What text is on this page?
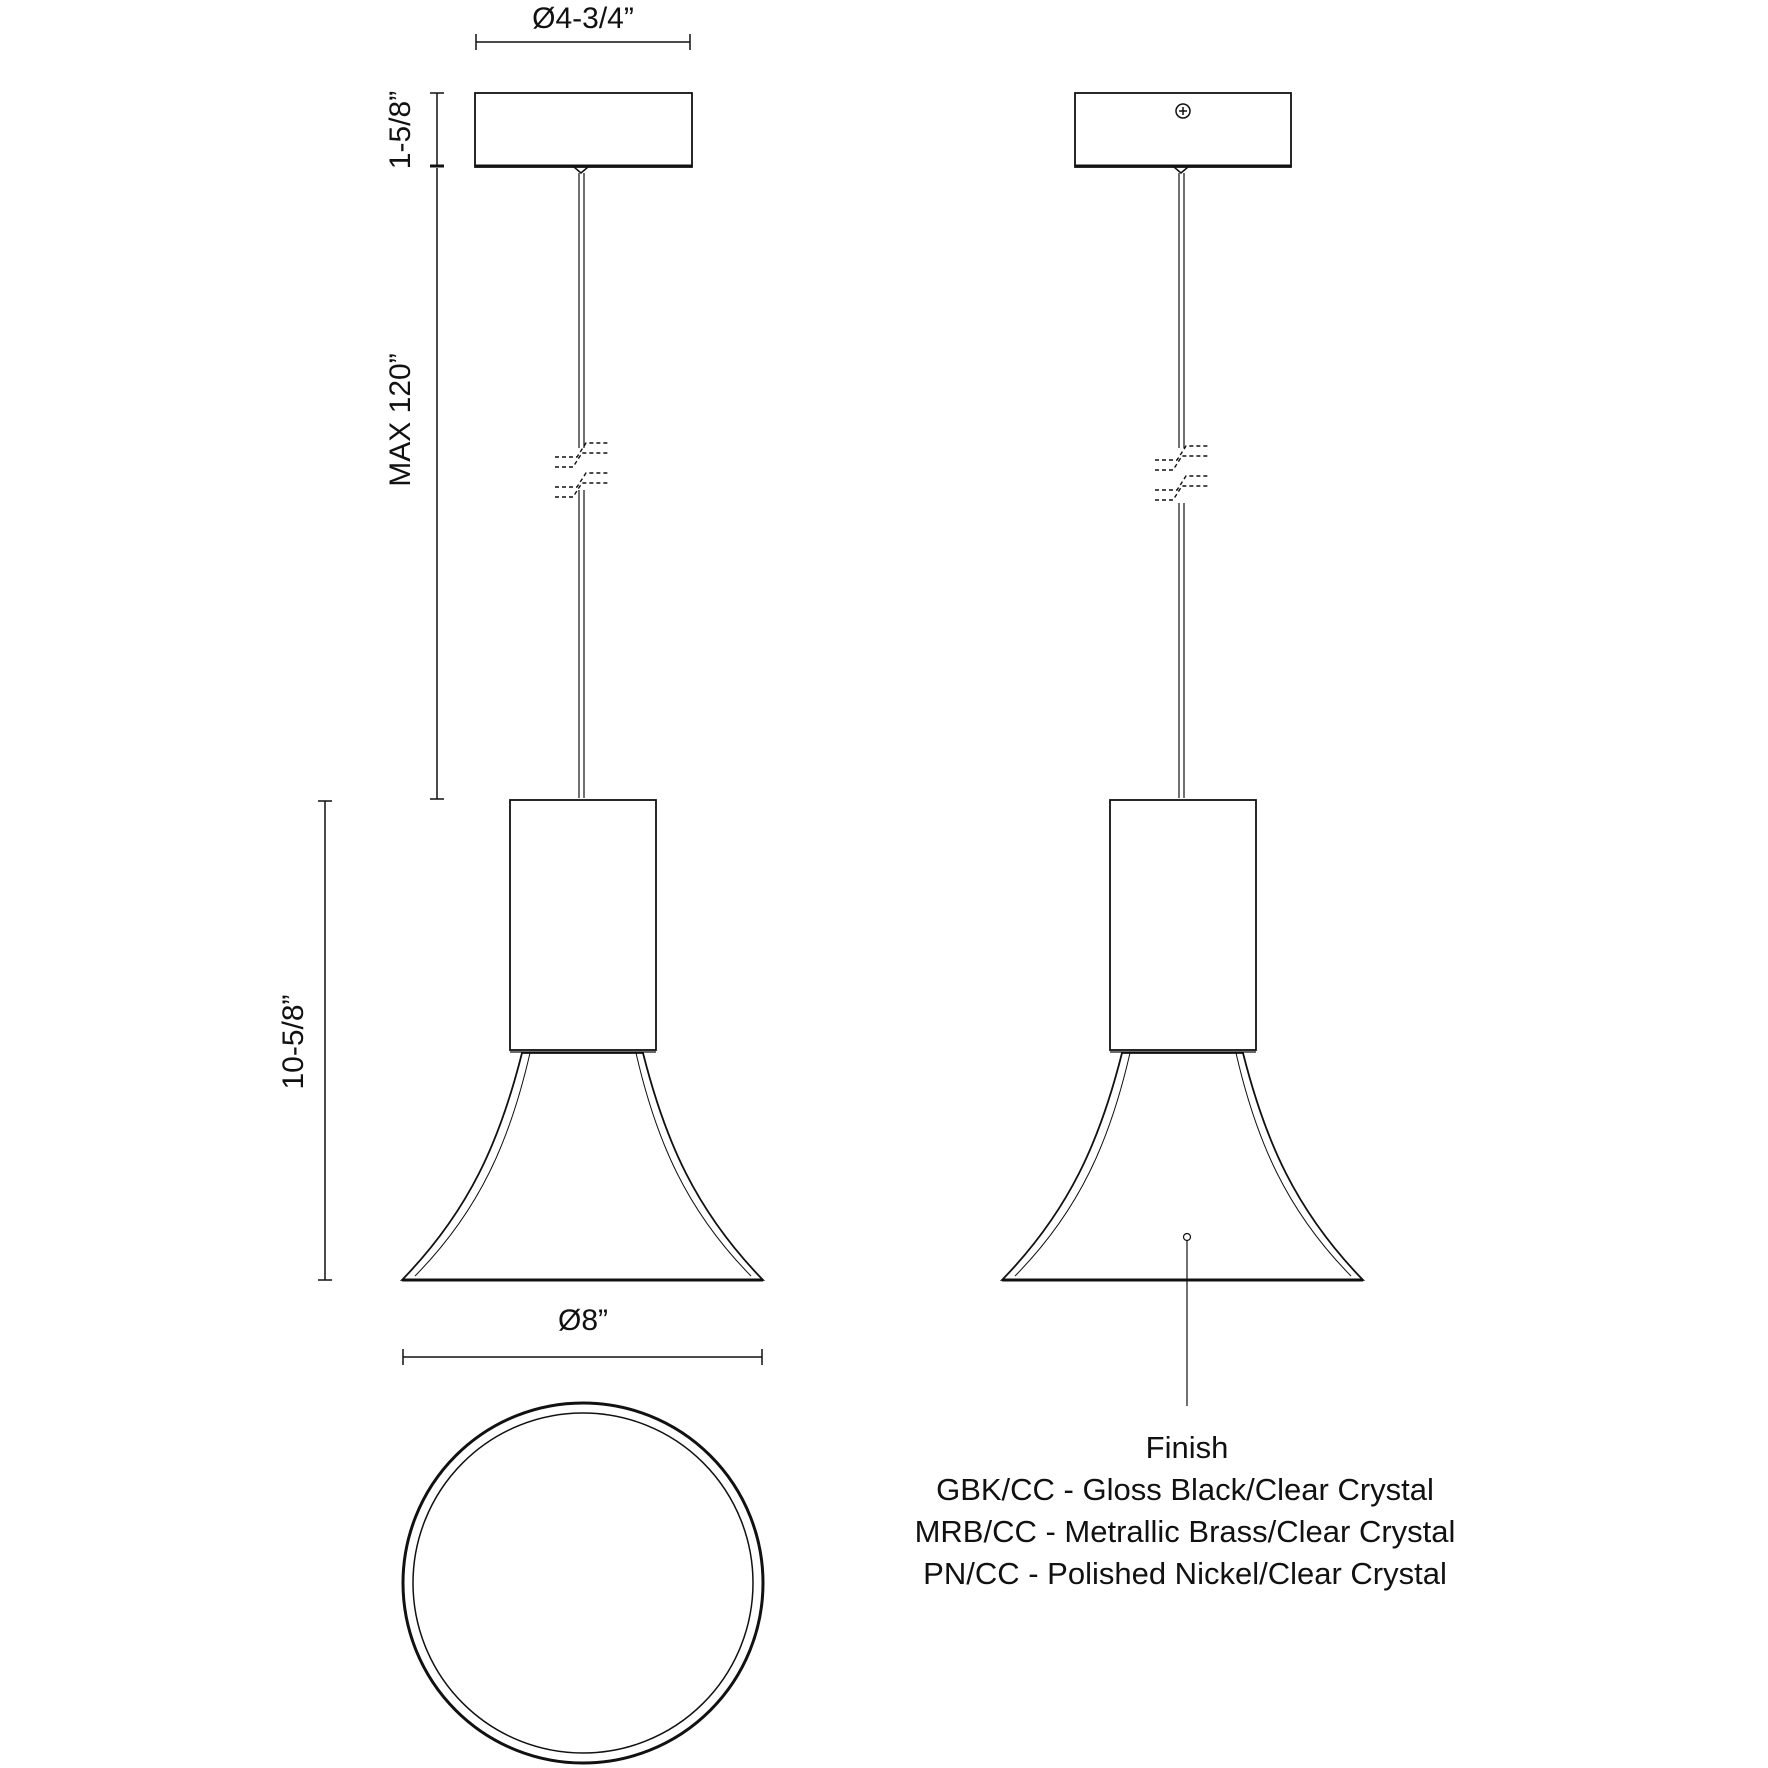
Ø4-3/4”
1-5/8”
MAX 120”
10-5/8”
Ø8”
Finish
GBK/CC - Gloss Black/Clear Crystal
MRB/CC - Metrallic Brass/Clear Crystal
PN/CC - Polished Nickel/Clear Crystal
